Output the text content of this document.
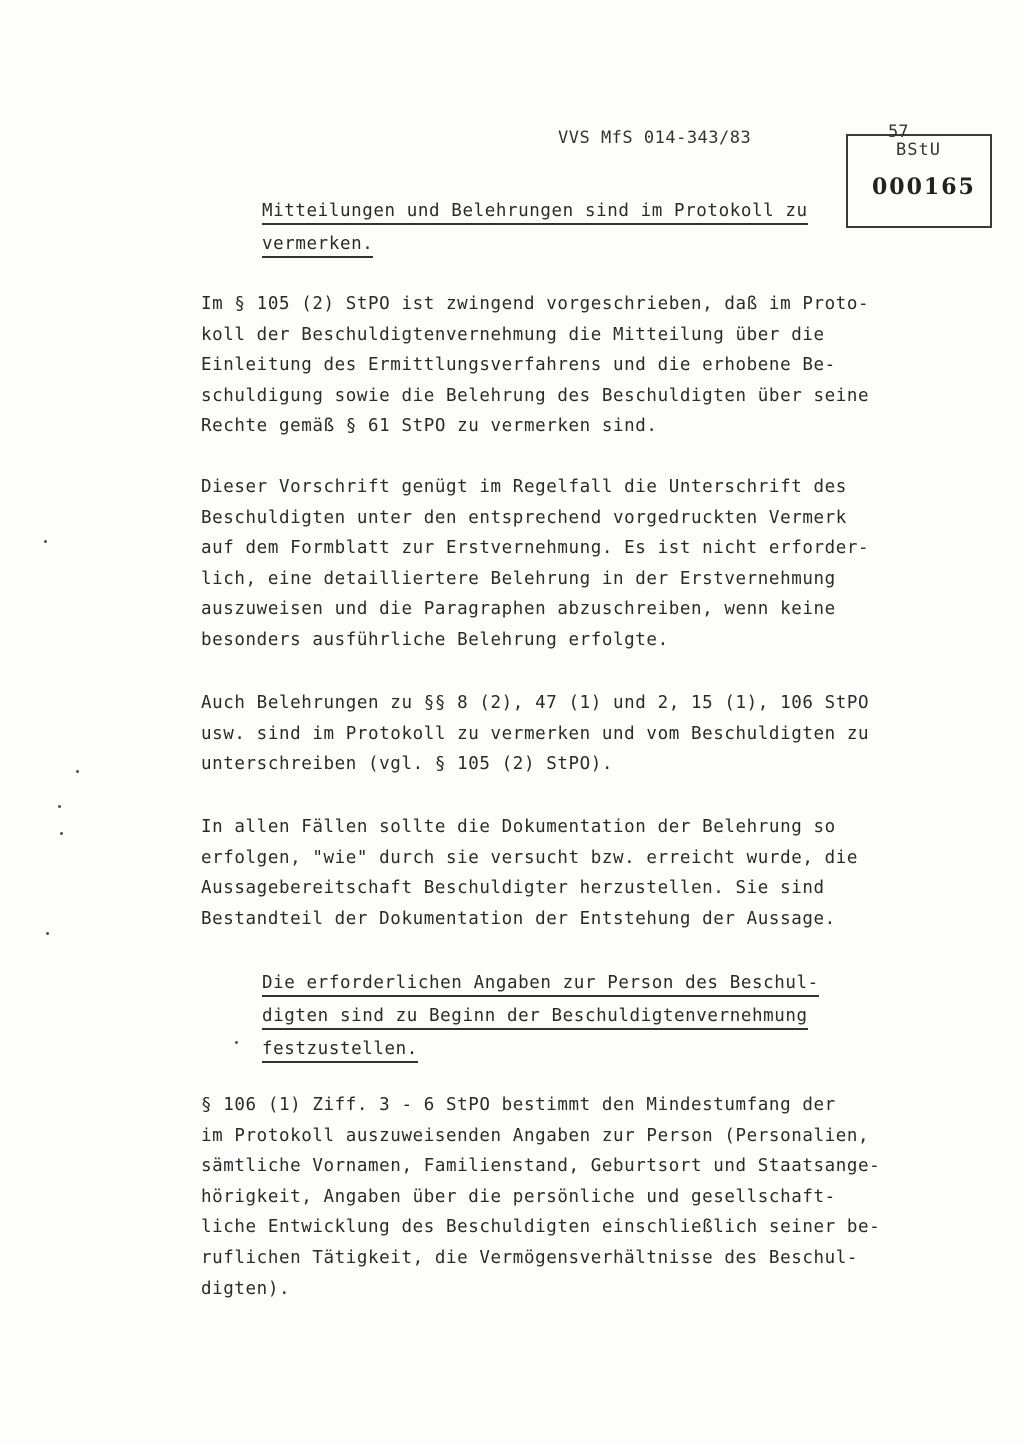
VVS MfS 014-343/83
BStU
000165
57
Mitteilungen und Belehrungen sind im Protokoll zu
vermerken.
Im § 105 (2) StPO ist zwingend vorgeschrieben, daß im Proto-
koll der Beschuldigtenvernehmung die Mitteilung über die
Einleitung des Ermittlungsverfahrens und die erhobene Be-
schuldigung sowie die Belehrung des Beschuldigten über seine
Rechte gemäß § 61 StPO zu vermerken sind.
Dieser Vorschrift genügt im Regelfall die Unterschrift des
Beschuldigten unter den entsprechend vorgedruckten Vermerk
auf dem Formblatt zur Erstvernehmung. Es ist nicht erforder-
lich, eine detailliertere Belehrung in der Erstvernehmung
auszuweisen und die Paragraphen abzuschreiben, wenn keine
besonders ausführliche Belehrung erfolgte.
Auch Belehrungen zu §§ 8 (2), 47 (1) und 2, 15 (1), 106 StPO
usw. sind im Protokoll zu vermerken und vom Beschuldigten zu
unterschreiben (vgl. § 105 (2) StPO).
In allen Fällen sollte die Dokumentation der Belehrung so
erfolgen, "wie" durch sie versucht bzw. erreicht wurde, die
Aussagebereitschaft Beschuldigter herzustellen. Sie sind
Bestandteil der Dokumentation der Entstehung der Aussage.
Die erforderlichen Angaben zur Person des Beschul-
digten sind zu Beginn der Beschuldigtenvernehmung
festzustellen.
§ 106 (1) Ziff. 3 - 6 StPO bestimmt den Mindestumfang der
im Protokoll auszuweisenden Angaben zur Person (Personalien,
sämtliche Vornamen, Familienstand, Geburtsort und Staatsange-
hörigkeit, Angaben über die persönliche und gesellschaft-
liche Entwicklung des Beschuldigten einschließlich seiner be-
ruflichen Tätigkeit, die Vermögensverhältnisse des Beschul-
digten).
